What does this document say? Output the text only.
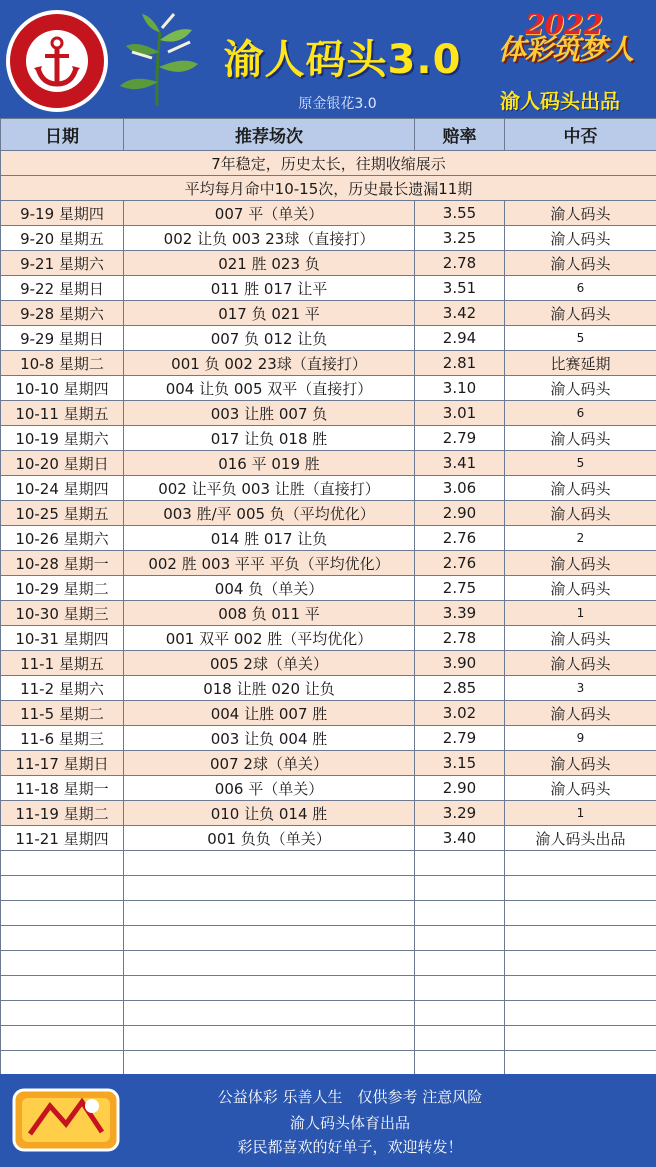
渝人码头3.0
原金银花3.0
2022
体彩筑梦人
渝人码头出品
日期	推荐场次	赔率	中否
7年稳定，历史太长，往期收缩展示			
平均每月命中10-15次，历史最长遗漏11期			
9-19 星期四	007 平（单关）	3.55	渝人码头
9-20 星期五	002 让负 003 23球（直接打）	3.25	渝人码头
9-21 星期六	021 胜 023 负	2.78	渝人码头
9-22 星期日	011 胜 017 让平	3.51	6
9-28 星期六	017 负 021 平	3.42	渝人码头
9-29 星期日	007 负 012 让负	2.94	5
10-8 星期二	001 负 002 23球（直接打）	2.81	比赛延期
10-10 星期四	004 让负 005 双平（直接打）	3.10	渝人码头
10-11 星期五	003 让胜 007 负	3.01	6
10-19 星期六	017 让负 018 胜	2.79	渝人码头
10-20 星期日	016 平 019 胜	3.41	5
10-24 星期四	002 让平负 003 让胜（直接打）	3.06	渝人码头
10-25 星期五	003 胜/平 005 负（平均优化）	2.90	渝人码头
10-26 星期六	014 胜 017 让负	2.76	2
10-28 星期一	002 胜 003 平平 平负（平均优化）	2.76	渝人码头
10-29 星期二	004 负（单关）	2.75	渝人码头
10-30 星期三	008 负 011 平	3.39	1
10-31 星期四	001 双平 002 胜（平均优化）	2.78	渝人码头
11-1 星期五	005 2球（单关）	3.90	渝人码头
11-2 星期六	018 让胜 020 让负	2.85	3
11-5 星期二	004 让胜 007 胜	3.02	渝人码头
11-6 星期三	003 让负 004 胜	2.79	9
11-17 星期日	007 2球（单关）	3.15	渝人码头
11-18 星期一	006 平（单关）	2.90	渝人码头
11-19 星期二	010 让负 014 胜	3.29	1
11-21 星期四	001 负负（单关）	3.40	渝人码头出品

公益体彩 乐善人生　仅供参考 注意风险
渝人码头体育出品
彩民都喜欢的好单子，欢迎转发！
